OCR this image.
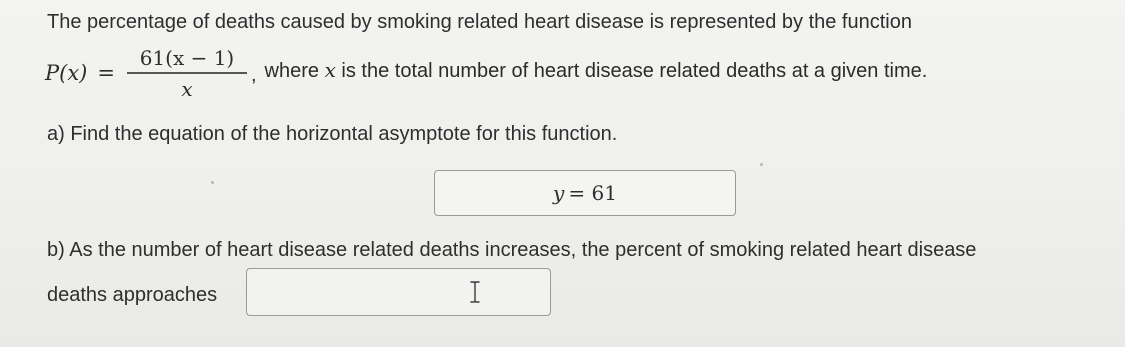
The percentage of deaths caused by smoking related heart disease is represented by the function
$P(x) = \frac{61(x - 1)}{x}$ , where x is the total number of heart disease related deaths at a given time.
a) Find the equation of the horizontal asymptote for this function.
y = 61
b) As the number of heart disease related deaths increases, the percent of smoking related heart disease
deaths approaches
